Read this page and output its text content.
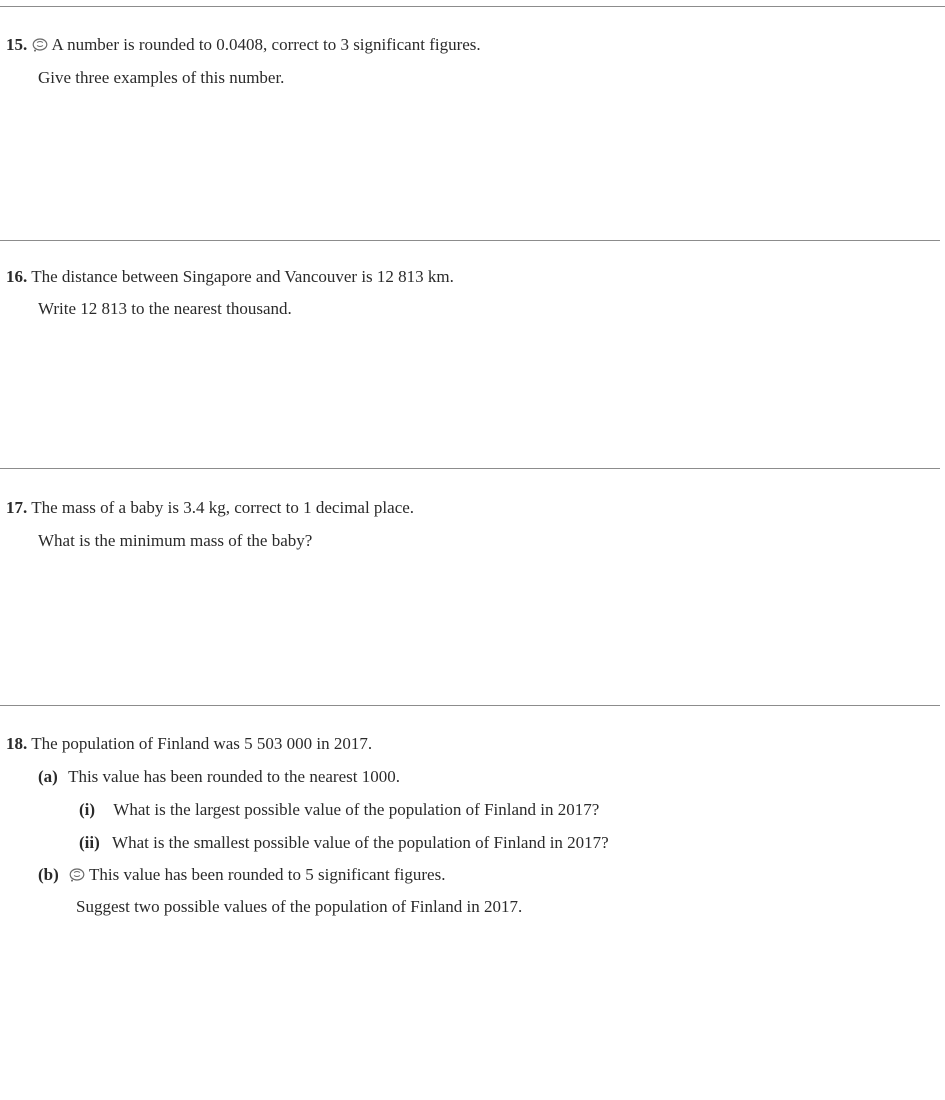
15. A number is rounded to 0.0408, correct to 3 significant figures.
Give three examples of this number.
16. The distance between Singapore and Vancouver is 12 813 km.
Write 12 813 to the nearest thousand.
17. The mass of a baby is 3.4 kg, correct to 1 decimal place.
What is the minimum mass of the baby?
18. The population of Finland was 5 503 000 in 2017.
(a) This value has been rounded to the nearest 1000.
(i) What is the largest possible value of the population of Finland in 2017?
(ii) What is the smallest possible value of the population of Finland in 2017?
(b) This value has been rounded to 5 significant figures.
Suggest two possible values of the population of Finland in 2017.
